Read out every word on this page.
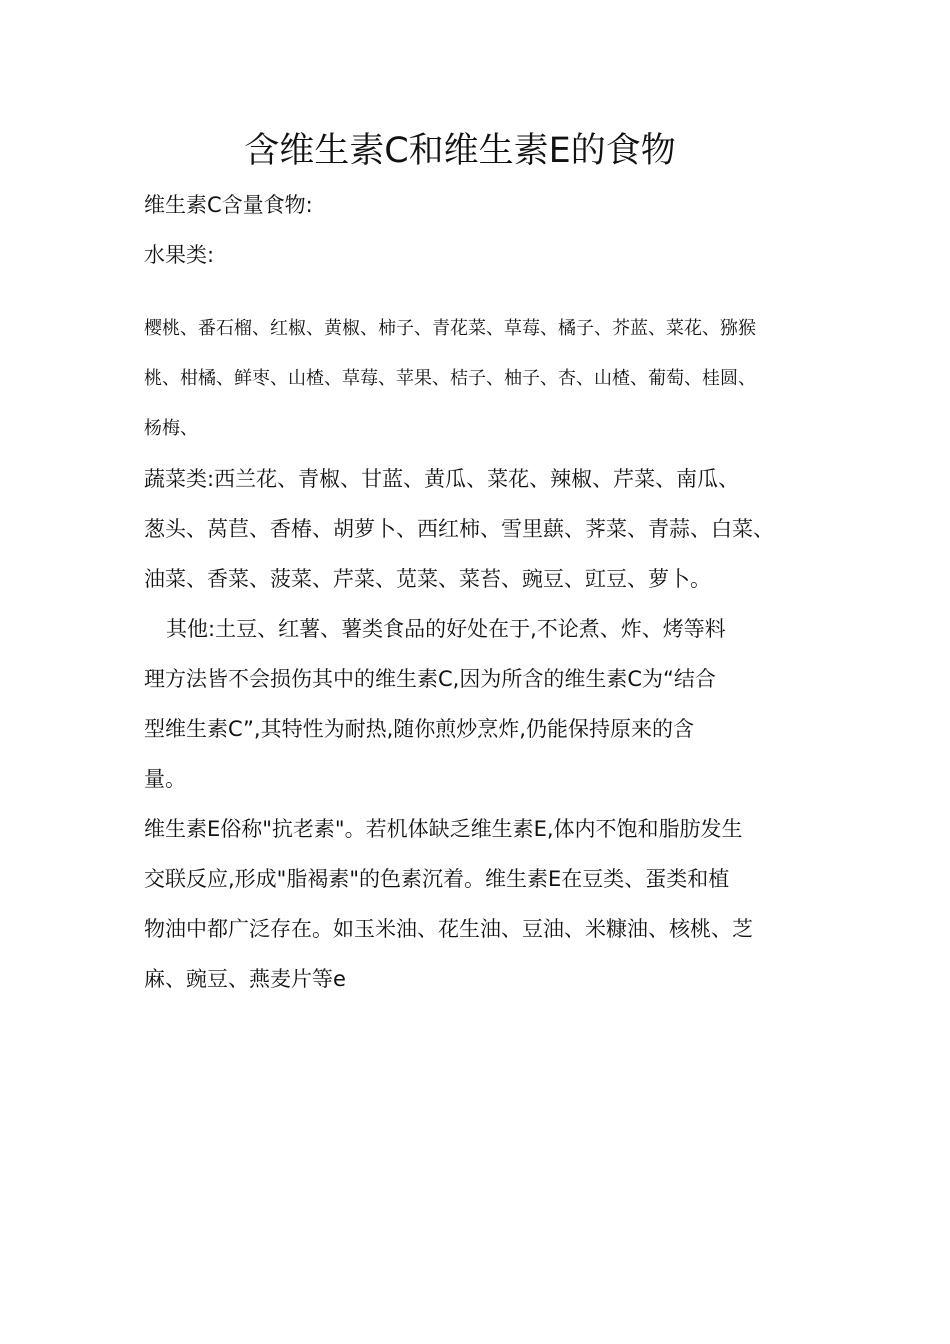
含维生素C和维生素E的食物

维生素C含量食物:

水果类:

樱桃、番石榴、红椒、黄椒、柿子、青花菜、草莓、橘子、芥蓝、菜花、猕猴

桃、柑橘、鲜枣、山楂、草莓、苹果、桔子、柚子、杏、山楂、葡萄、桂圆、

杨梅、

蔬菜类:西兰花、青椒、甘蓝、黄瓜、菜花、辣椒、芹菜、南瓜、

葱头、莴苣、香椿、胡萝卜、西红柿、雪里蕻、荠菜、青蒜、白菜、

油菜、香菜、菠菜、芹菜、苋菜、菜苔、豌豆、豇豆、萝卜。

其他:土豆、红薯、薯类食品的好处在于,不论煮、炸、烤等料

理方法皆不会损伤其中的维生素C,因为所含的维生素C为“结合

型维生素C”,其特性为耐热,随你煎炒烹炸,仍能保持原来的含

量。

维生素E俗称"抗老素"。若机体缺乏维生素E,体内不饱和脂肪发生

交联反应,形成"脂褐素"的色素沉着。维生素E在豆类、蛋类和植

物油中都广泛存在。如玉米油、花生油、豆油、米糠油、核桃、芝

麻、豌豆、燕麦片等e
